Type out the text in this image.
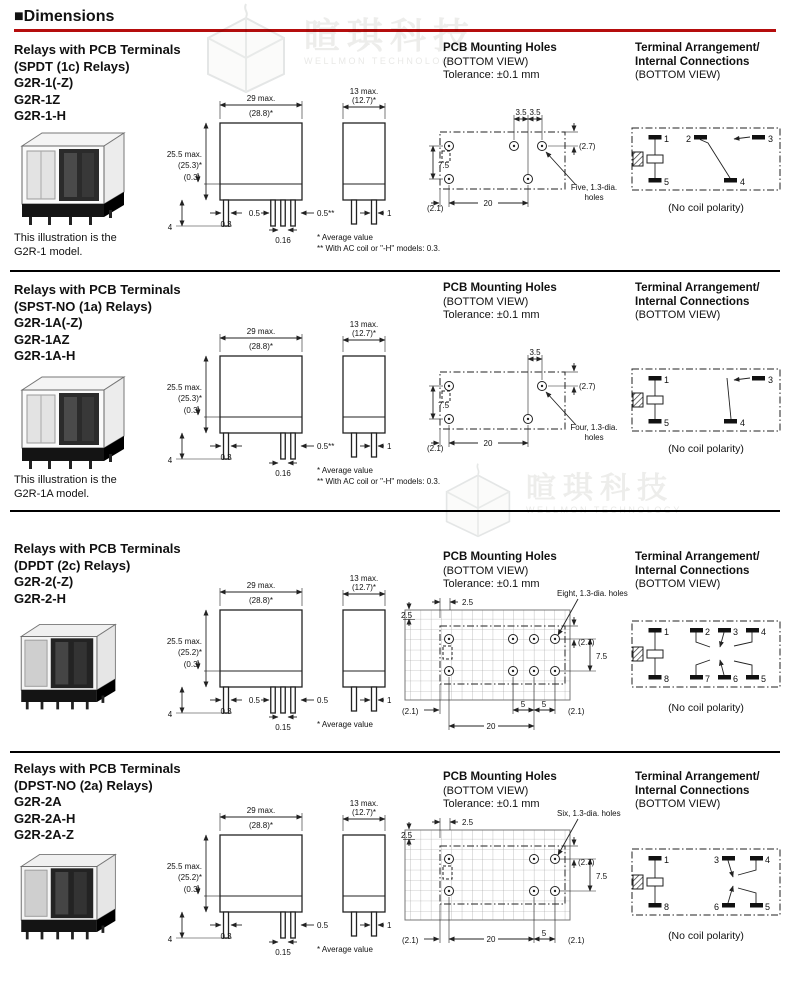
■Dimensions	暄琪科技
WELLMON TECHNOLOGY
暄琪科技
WELLMON TECHNOLOGY
Relays with PCB Terminals
(SPDT (1c) Relays)
G2R-1(-Z)
G2R-1Z
G2R-1-H
This illustration is the
G2R-1 model.
29 max.
(28.8)*
25.5 max.
(25.3)*
(0.3)
4	0.3
0.5	0.5**
0.16
13 max.
(12.7)*
1
* Average value
** With AC coil or "-H" models: 0.3.
PCB Mounting Holes
(BOTTOM VIEW)
Tolerance: ±0.1 mm
3.5 3.5
(2.7)
7.5
(2.1)
20
Five, 1.3-dia.
holes
Terminal Arrangement/
Internal Connections
(BOTTOM VIEW)
1 2	3
4
5
(No coil polarity)
Relays with PCB Terminals
(SPST-NO (1a) Relays)
G2R-1A(-Z)
G2R-1AZ
G2R-1A-H
This illustration is the
G2R-1A model.
29 max.
(28.8)*
25.5 max.
(25.3)*
(0.3)
4	0.3
0.5**
0.16
13 max.
(12.7)*
1
* Average value
** With AC coil or "-H" models: 0.3.
PCB Mounting Holes
(BOTTOM VIEW)
Tolerance: ±0.1 mm
3.5
(2.7)
7.5
(2.1)
20
Four, 1.3-dia.
holes
Terminal Arrangement/
Internal Connections
(BOTTOM VIEW)
1	3
4
5
(No coil polarity)
Relays with PCB Terminals
(DPDT (2c) Relays)
G2R-2(-Z)
G2R-2-H
29 max.
(28.8)*
25.5 max.
(25.2)*
(0.3)
4	0.3
0.5	0.5
0.15
13 max.
(12.7)*
1
* Average value
PCB Mounting Holes
(BOTTOM VIEW)
Tolerance: ±0.1 mm
2.5
2.5
Eight, 1.3-dia. holes
(2.7)
7.5
(2.1)
5 5
(2.1)
20
Terminal Arrangement/
Internal Connections
(BOTTOM VIEW)
1	2	3	4
8	7	6	5
(No coil polarity)
Relays with PCB Terminals
(DPST-NO (2a) Relays)
G2R-2A
G2R-2A-H
G2R-2A-Z
29 max.
(28.8)*
25.5 max.
(25.2)*
(0.3)
4	0.3
0.5
0.15
13 max.
(12.7)*
1
* Average value
PCB Mounting Holes
(BOTTOM VIEW)
Tolerance: ±0.1 mm
2.5
2.5
Six, 1.3-dia. holes
(2.7)
7.5
(2.1)	20
5
(2.1)
Terminal Arrangement/
Internal Connections
(BOTTOM VIEW)
1	3	4
8	6	5
(No coil polarity)
